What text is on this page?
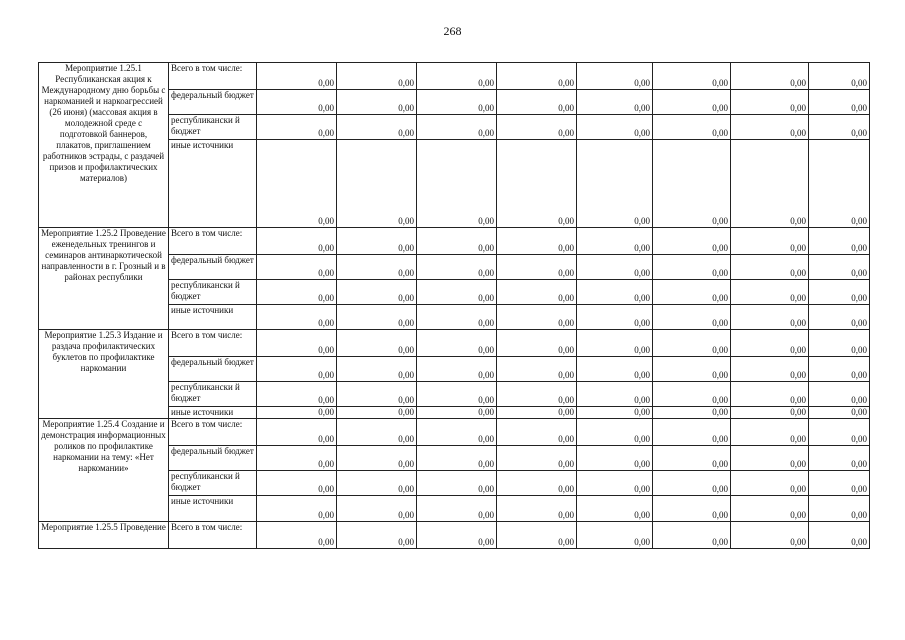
268
Мероприятие 1.25.1 Республиканская акция к Международному дню борьбы с наркоманией и наркоагрессией (26 июня) (массовая акция в молодежной среде с подготовкой баннеров, плакатов, приглашением работников эстрады, с раздачей призов и профилактических материалов)	Всего в том числе:	0,00	0,00	0,00	0,00	0,00	0,00	0,00	0,00
	федеральный бюджет	0,00	0,00	0,00	0,00	0,00	0,00	0,00	0,00
	республикански й бюджет	0,00	0,00	0,00	0,00	0,00	0,00	0,00	0,00
	иные источники	0,00	0,00	0,00	0,00	0,00	0,00	0,00	0,00
Мероприятие 1.25.2 Проведение еженедельных тренингов и семинаров антинаркотической направленности в г. Грозный и в районах республики	Всего в том числе:	0,00	0,00	0,00	0,00	0,00	0,00	0,00	0,00
	федеральный бюджет	0,00	0,00	0,00	0,00	0,00	0,00	0,00	0,00
	республикански й бюджет	0,00	0,00	0,00	0,00	0,00	0,00	0,00	0,00
	иные источники	0,00	0,00	0,00	0,00	0,00	0,00	0,00	0,00
Мероприятие 1.25.3 Издание и раздача профилактических буклетов по профилактике наркомании	Всего в том числе:	0,00	0,00	0,00	0,00	0,00	0,00	0,00	0,00
	федеральный бюджет	0,00	0,00	0,00	0,00	0,00	0,00	0,00	0,00
	республикански й бюджет	0,00	0,00	0,00	0,00	0,00	0,00	0,00	0,00
	иные источники	0,00	0,00	0,00	0,00	0,00	0,00	0,00	0,00
Мероприятие 1.25.4 Создание и демонстрация информационных роликов по профилактике наркомании на тему: «Нет наркомании»	Всего в том числе:	0,00	0,00	0,00	0,00	0,00	0,00	0,00	0,00
	федеральный бюджет	0,00	0,00	0,00	0,00	0,00	0,00	0,00	0,00
	республикански й бюджет	0,00	0,00	0,00	0,00	0,00	0,00	0,00	0,00
	иные источники	0,00	0,00	0,00	0,00	0,00	0,00	0,00	0,00
Мероприятие 1.25.5 Проведение	Всего в том числе:	0,00	0,00	0,00	0,00	0,00	0,00	0,00	0,00
